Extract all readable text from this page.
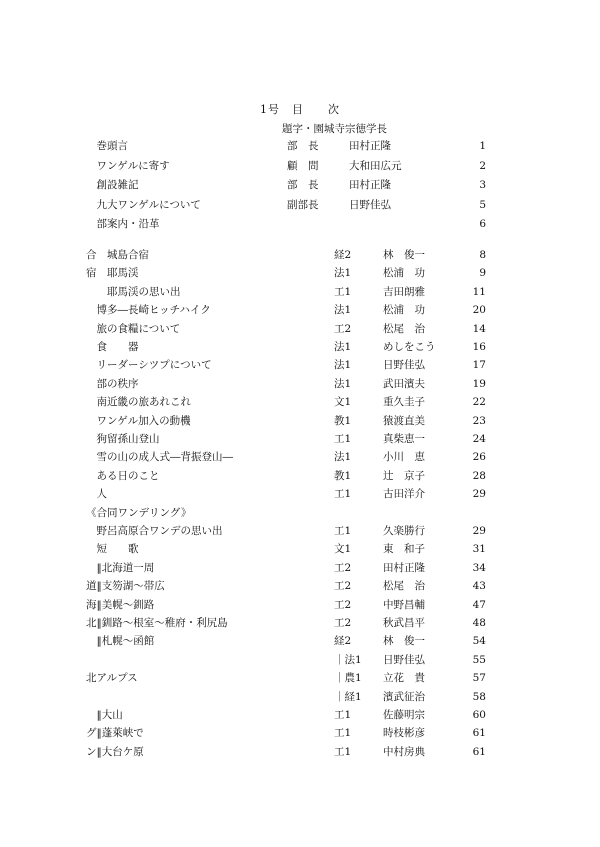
1号　目　　次
題字・園城寺宗徳学長
　巻頭言	部　長	田村正隆	1
　ワンゲルに寄す	顧　問	大和田広元	2
　創設雑記	部　長	田村正隆	3
　九大ワンゲルについて	副部長	日野佳弘	5
　部案内・沿革	6
合　城島合宿	経2	林　俊一	8
宿　耶馬渓	法1	松浦　功	9
　　耶馬渓の思い出	工1	吉田朗雅	11
　博多―長崎ヒッチハイク	法1	松浦　功	20
　旅の食糧について	工2	松尾　治	14
　食　　器	法1	めしをこう	16
　リーダーシツプについて	法1	日野佳弘	17
　部の秩序	法1	武田濱夫	19
　南近畿の旅あれこれ	文1	重久圭子	22
　ワンゲル加入の動機	教1	猿渡直美	23
　狗留孫山登山	工1	真柴恵一	24
　雪の山の成人式―背振登山―	法1	小川　恵	26
　ある日のこと	教1	辻　京子	28
　人	工1	古田洋介	29
《合同ワンデリング》
　野呂高原合ワンデの思い出	工1	久楽勝行	29
　短　　歌	文1	東　和子	31
　‖北海道一周	工2	田村正隆	34
道‖支笏湖～帯広	工2	松尾　治	43
海‖美幌～釧路	工2	中野昌輔	47
北‖釧路～根室～稚府・利尻島	工2	秋武昌平	48
　‖札幌～函館	経2	林　俊一	54
｜法1 日野佳弘	55
北アルプス	｜農1 立花　貴	57
｜経1 濱武征治	58
　‖大山	工1	佐藤明宗	60
グ‖蓬萊峡で	工1	時枝彬彦	61
ン‖大台ケ原	工1	中村房典	61
